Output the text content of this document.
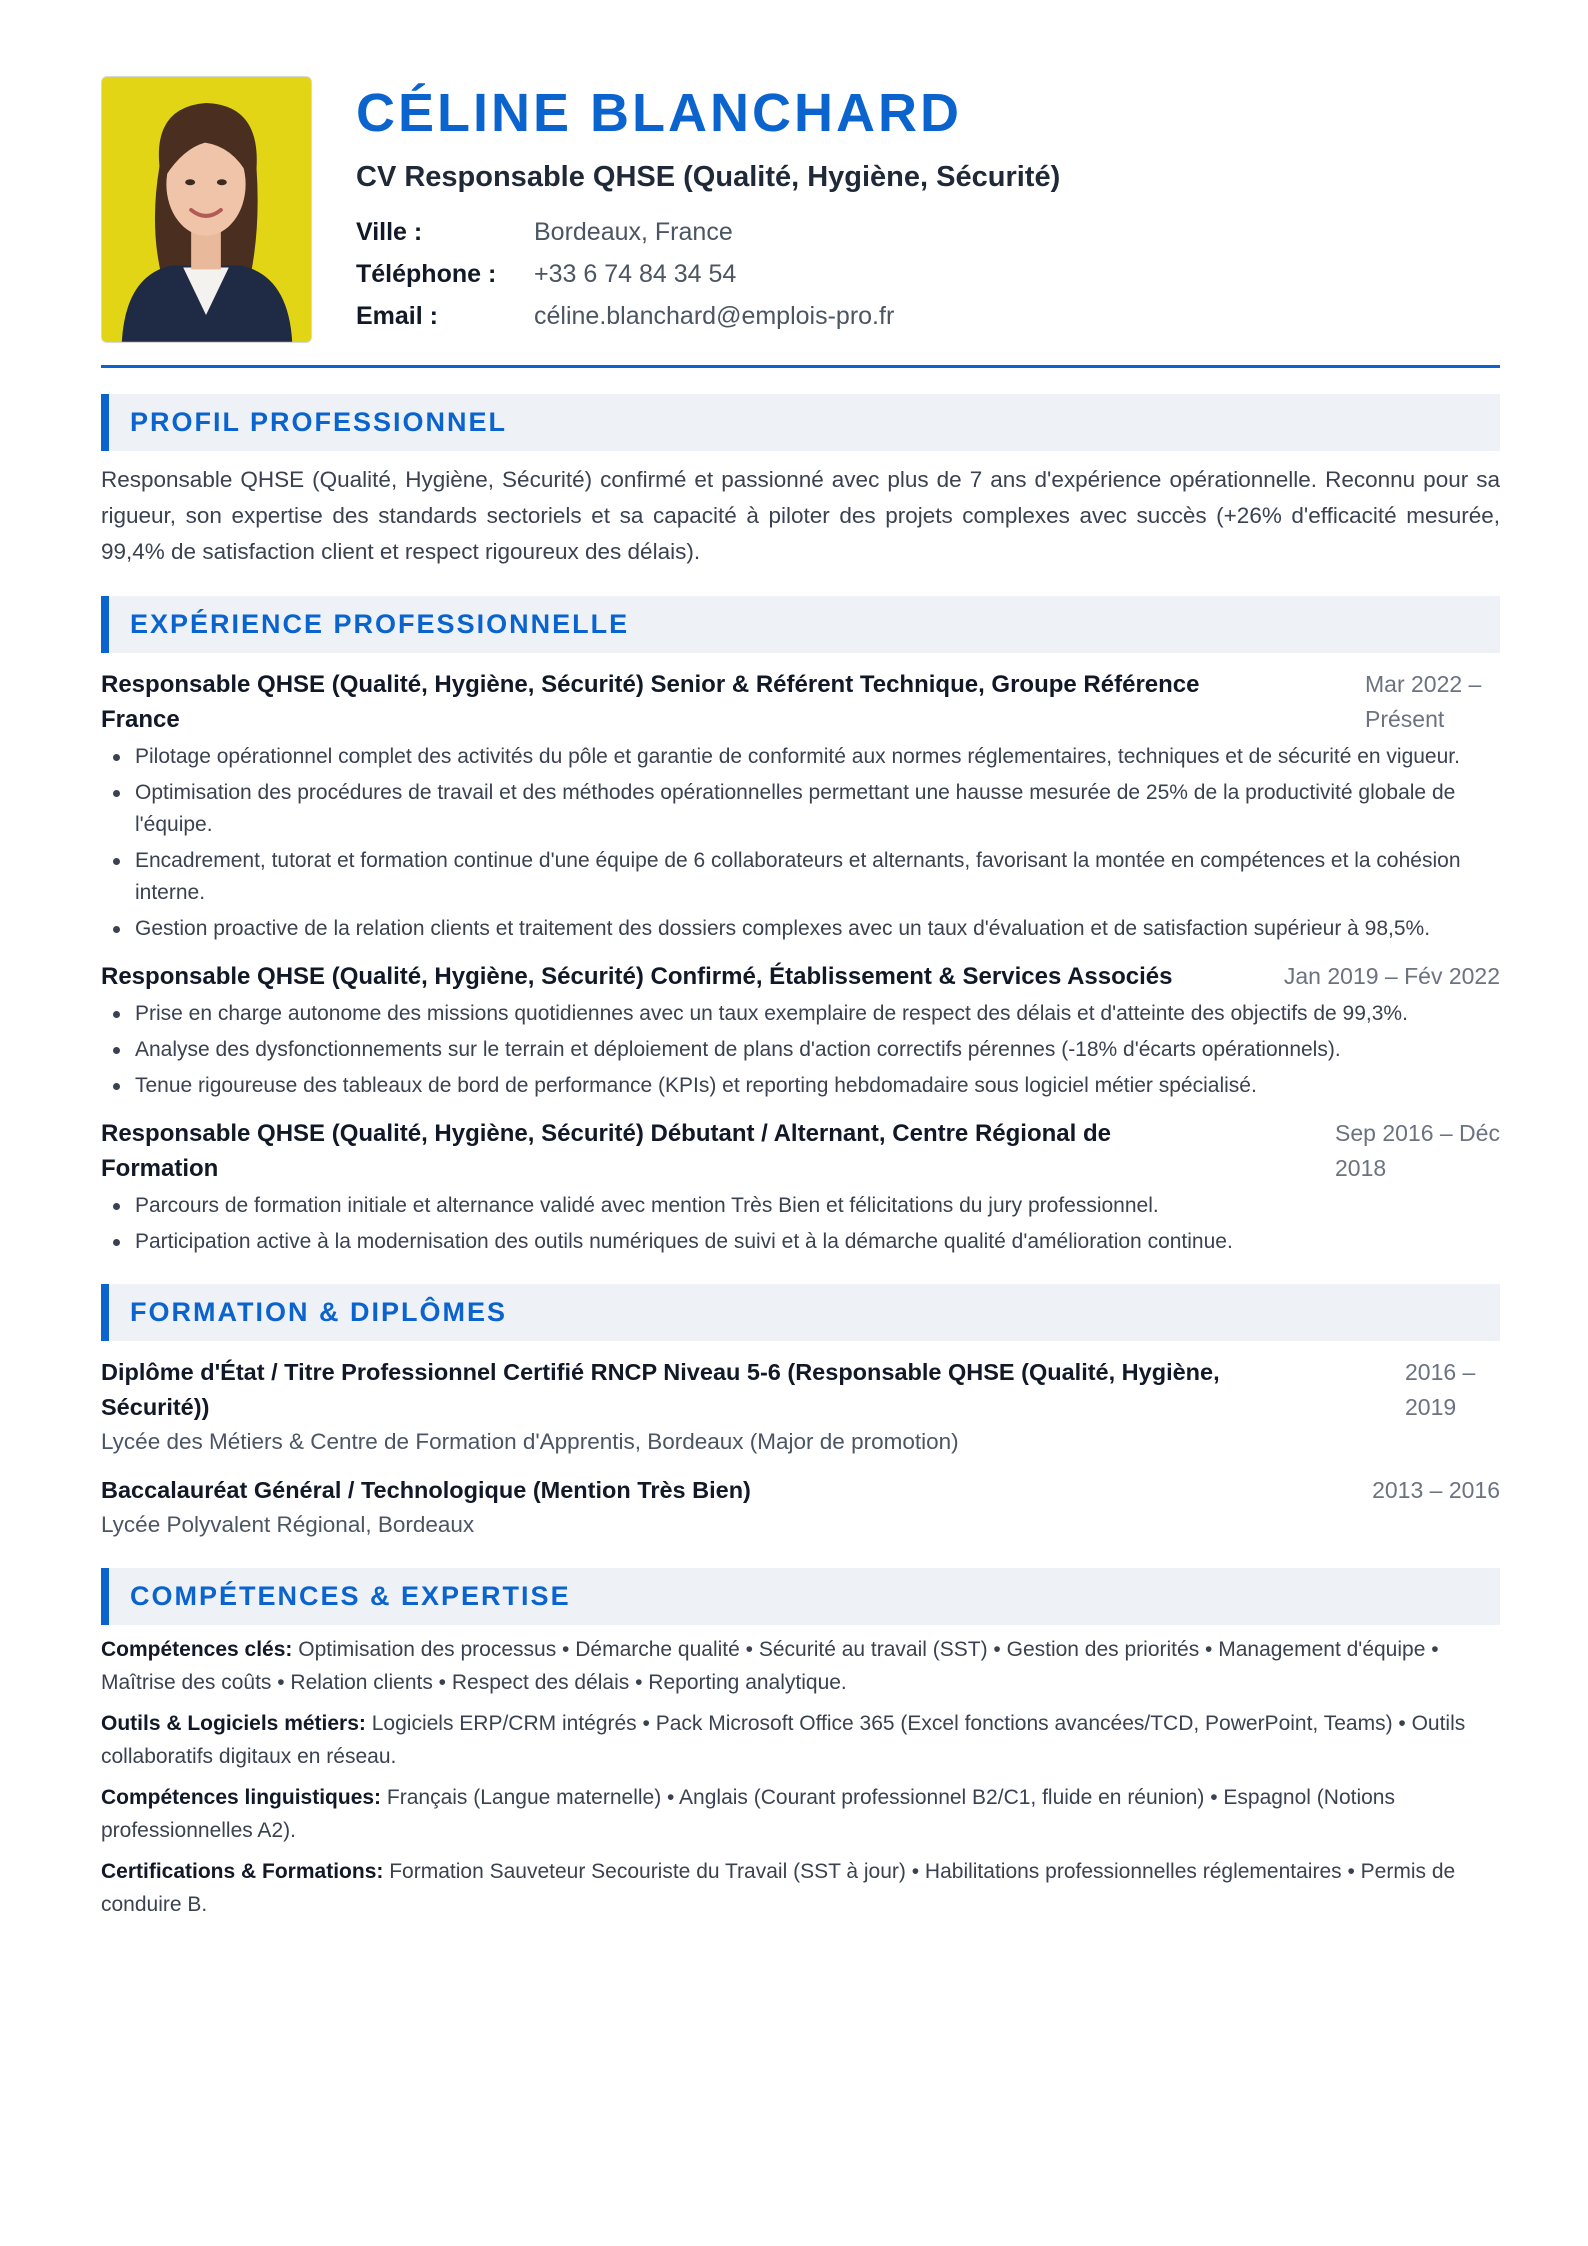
CÉLINE BLANCHARD
CV Responsable QHSE (Qualité, Hygiène, Sécurité)
Ville :	Bordeaux, France
Téléphone :	+33 6 74 84 34 54
Email :	céline.blanchard@emplois-pro.fr
PROFIL PROFESSIONNEL

Responsable QHSE (Qualité, Hygiène, Sécurité) confirmé et passionné avec plus de 7 ans d'expérience opérationnelle. Reconnu pour sa rigueur, son expertise des standards sectoriels et sa capacité à piloter des projets complexes avec succès (+26% d'efficacité mesurée, 99,4% de satisfaction client et respect rigoureux des délais).

EXPÉRIENCE PROFESSIONNELLE
Responsable QHSE (Qualité, Hygiène, Sécurité) Senior & Référent Technique, Groupe Référence France
Mar 2022 – Présent
Pilotage opérationnel complet des activités du pôle et garantie de conformité aux normes réglementaires, techniques et de sécurité en vigueur.
Optimisation des procédures de travail et des méthodes opérationnelles permettant une hausse mesurée de 25% de la productivité globale de l'équipe.
Encadrement, tutorat et formation continue d'une équipe de 6 collaborateurs et alternants, favorisant la montée en compétences et la cohésion interne.
Gestion proactive de la relation clients et traitement des dossiers complexes avec un taux d'évaluation et de satisfaction supérieur à 98,5%.
Responsable QHSE (Qualité, Hygiène, Sécurité) Confirmé, Établissement & Services Associés	Jan 2019 – Fév 2022
Prise en charge autonome des missions quotidiennes avec un taux exemplaire de respect des délais et d'atteinte des objectifs de 99,3%.
Analyse des dysfonctionnements sur le terrain et déploiement de plans d'action correctifs pérennes (-18% d'écarts opérationnels).
Tenue rigoureuse des tableaux de bord de performance (KPIs) et reporting hebdomadaire sous logiciel métier spécialisé.
Responsable QHSE (Qualité, Hygiène, Sécurité) Débutant / Alternant, Centre Régional de Formation
Sep 2016 – Déc 2018
Parcours de formation initiale et alternance validé avec mention Très Bien et félicitations du jury professionnel.
Participation active à la modernisation des outils numériques de suivi et à la démarche qualité d'amélioration continue.
FORMATION & DIPLÔMES
Diplôme d'État / Titre Professionnel Certifié RNCP Niveau 5-6 (Responsable QHSE (Qualité, Hygiène, Sécurité))
2016 – 2019
Lycée des Métiers & Centre de Formation d'Apprentis, Bordeaux (Major de promotion)
Baccalauréat Général / Technologique (Mention Très Bien)	2013 – 2016
Lycée Polyvalent Régional, Bordeaux
COMPÉTENCES & EXPERTISE
Compétences clés: Optimisation des processus • Démarche qualité • Sécurité au travail (SST) • Gestion des priorités • Management d'équipe • Maîtrise des coûts • Relation clients • Respect des délais • Reporting analytique.
Outils & Logiciels métiers: Logiciels ERP/CRM intégrés • Pack Microsoft Office 365 (Excel fonctions avancées/TCD, PowerPoint, Teams) • Outils collaboratifs digitaux en réseau.
Compétences linguistiques: Français (Langue maternelle) • Anglais (Courant professionnel B2/C1, fluide en réunion) • Espagnol (Notions professionnelles A2).
Certifications & Formations: Formation Sauveteur Secouriste du Travail (SST à jour) • Habilitations professionnelles réglementaires • Permis de conduire B.
